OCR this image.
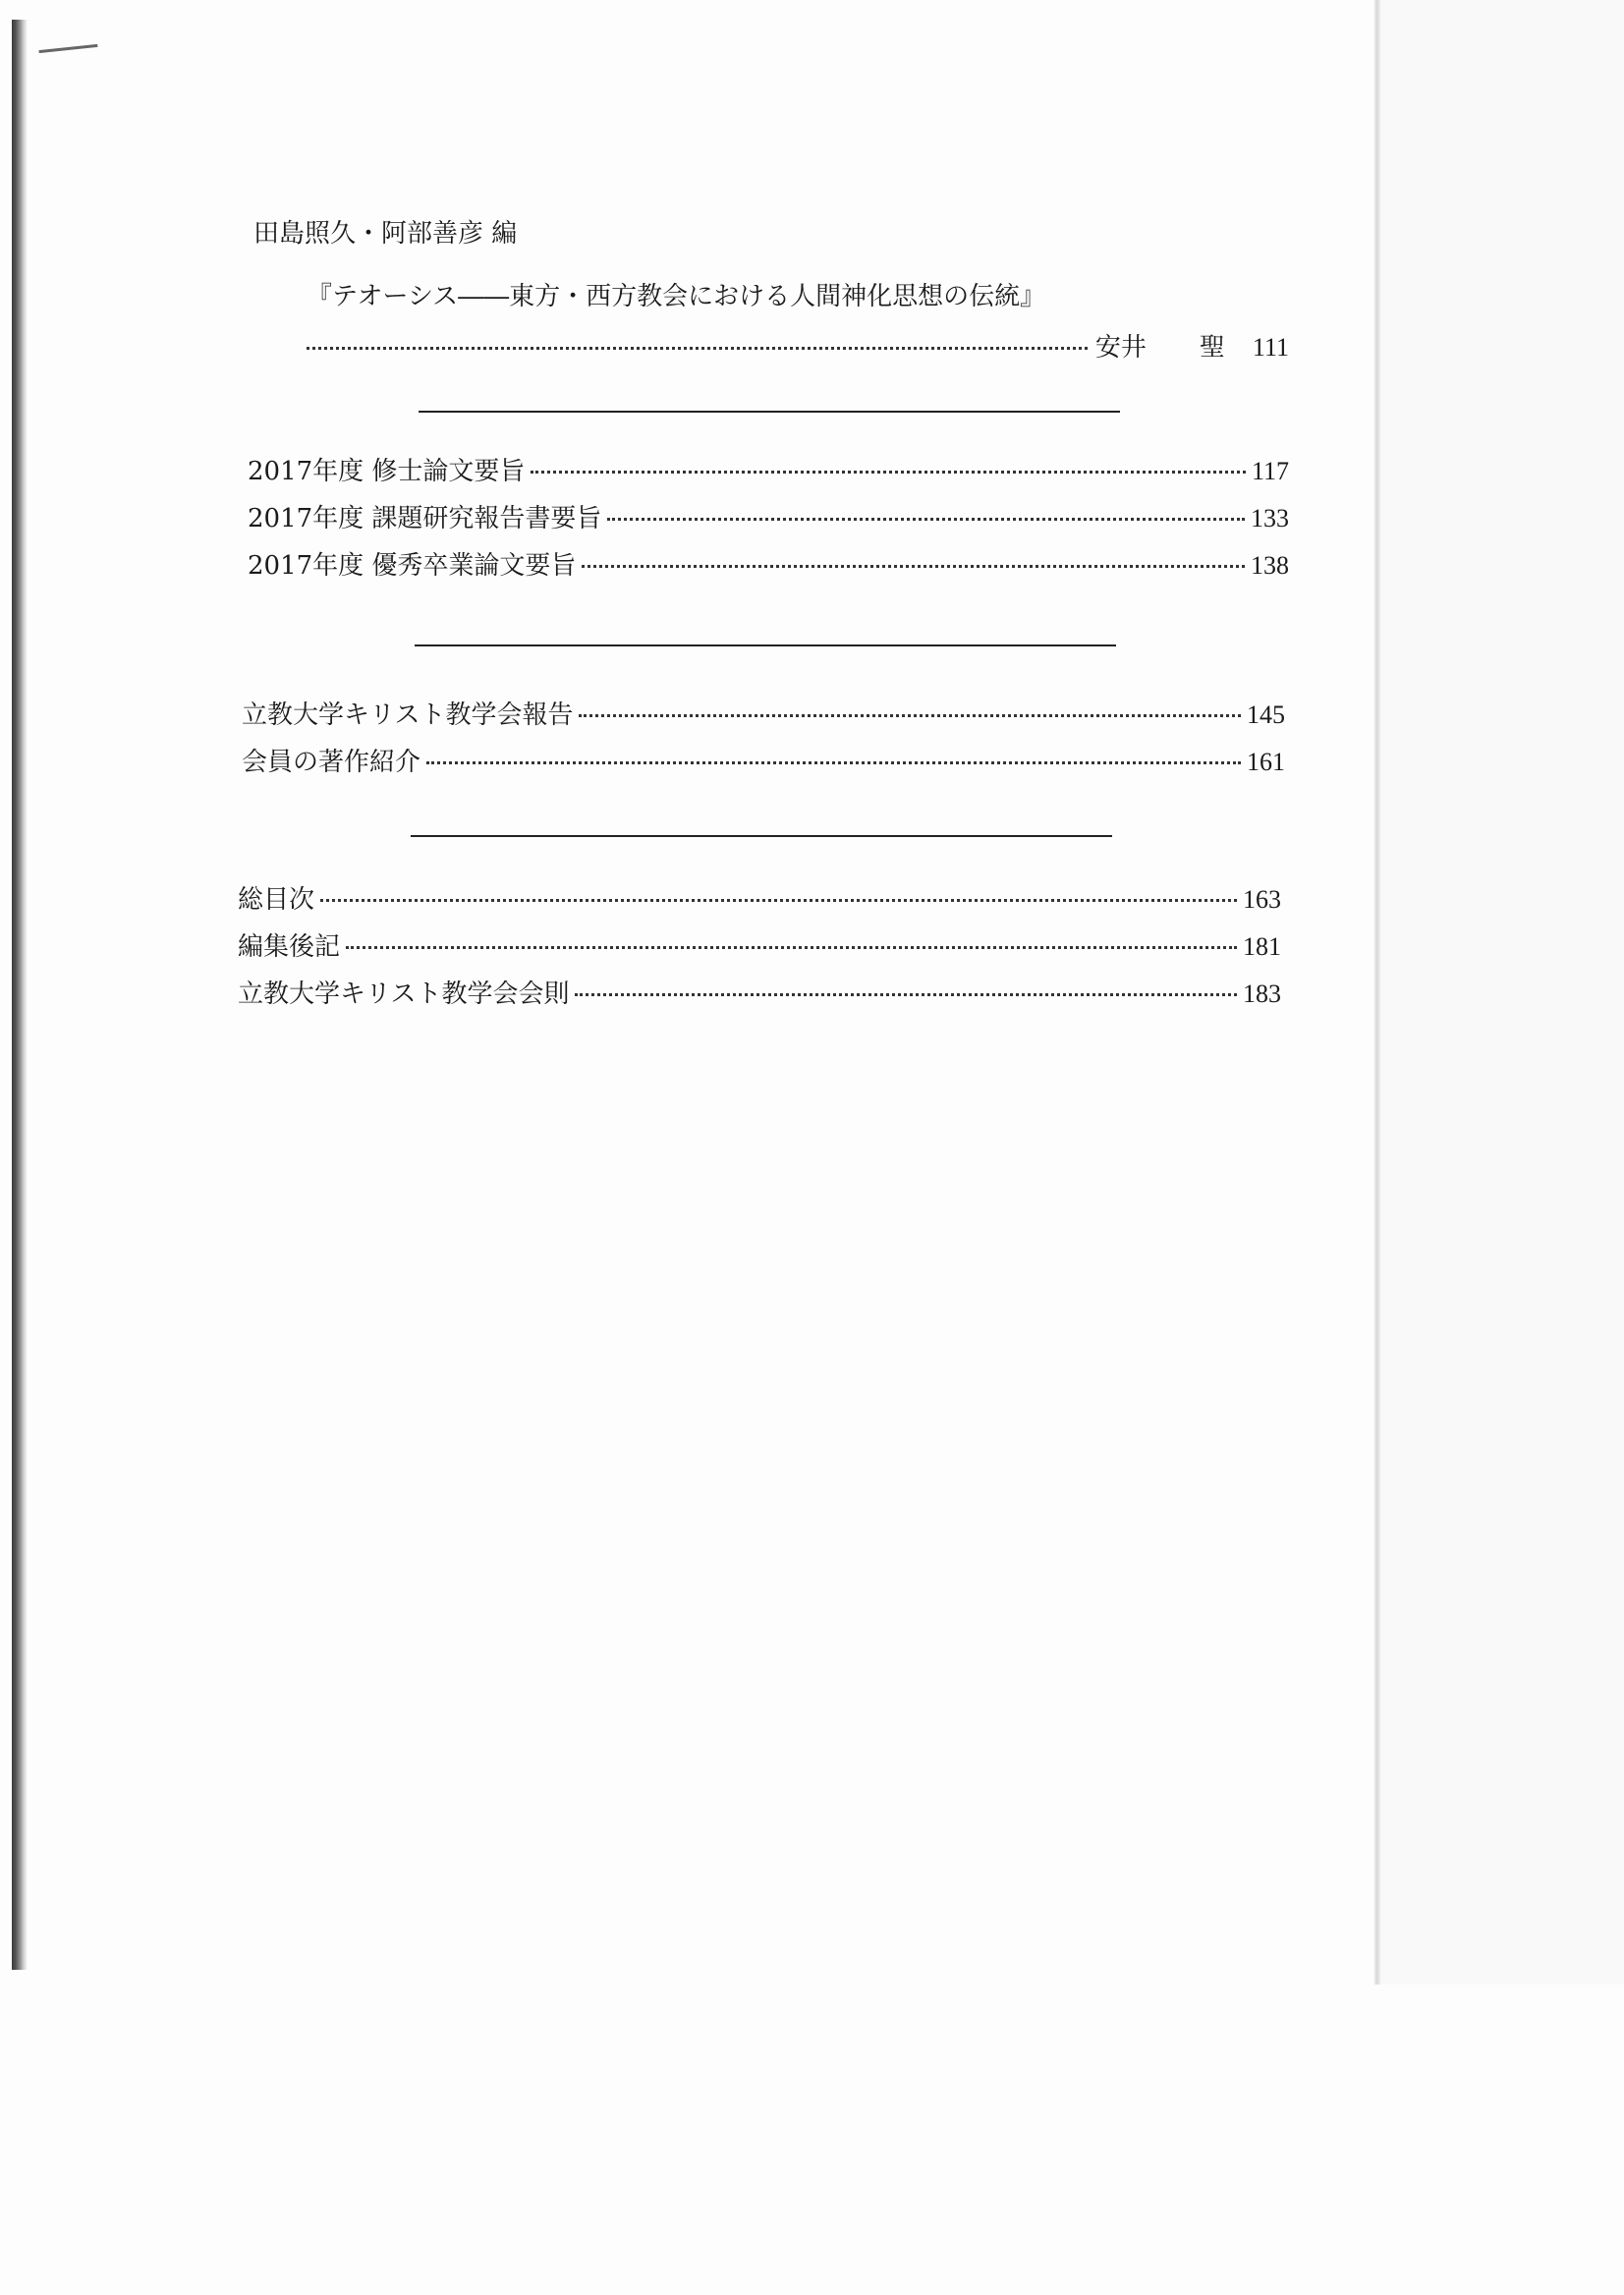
田島照久・阿部善彦 編
『テオーシス――東方・西方教会における人間神化思想の伝統』
安井 聖 111
2017年度 修士論文要旨	117
2017年度 課題研究報告書要旨	133
2017年度 優秀卒業論文要旨	138
立教大学キリスト教学会報告	145
会員の著作紹介	161
総目次	163
編集後記	181
立教大学キリスト教学会会則	183
